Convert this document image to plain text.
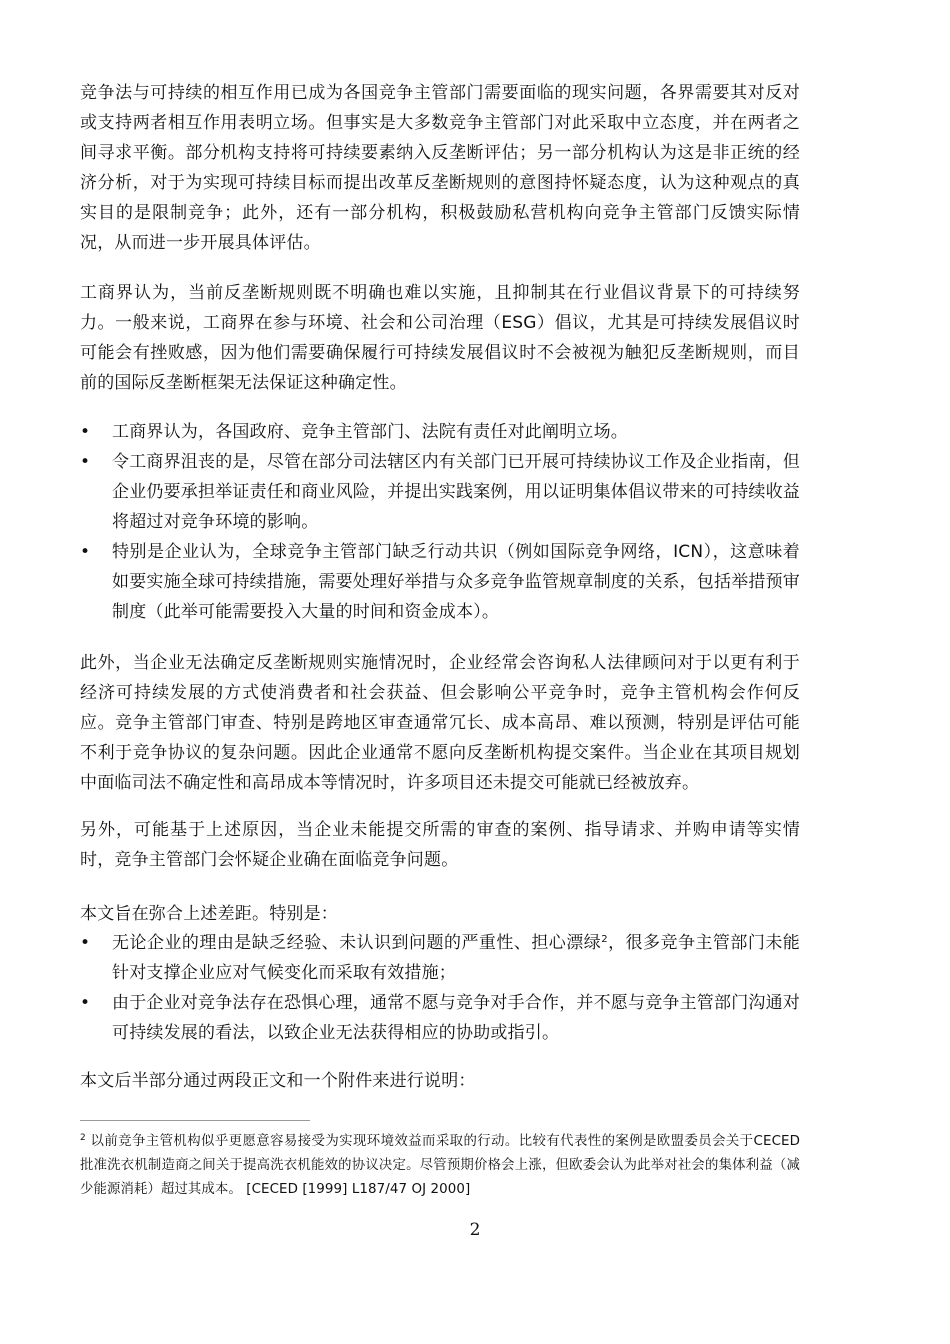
竞争法与可持续的相互作用已成为各国竞争主管部门需要面临的现实问题，各界需要其对反对或支持两者相互作用表明立场。但事实是大多数竞争主管部门对此采取中立态度，并在两者之间寻求平衡。部分机构支持将可持续要素纳入反垄断评估；另一部分机构认为这是非正统的经济分析，对于为实现可持续目标而提出改革反垄断规则的意图持怀疑态度，认为这种观点的真实目的是限制竞争；此外，还有一部分机构，积极鼓励私营机构向竞争主管部门反馈实际情况，从而进一步开展具体评估。

工商界认为，当前反垄断规则既不明确也难以实施，且抑制其在行业倡议背景下的可持续努力。一般来说，工商界在参与环境、社会和公司治理（ESG）倡议，尤其是可持续发展倡议时可能会有挫败感，因为他们需要确保履行可持续发展倡议时不会被视为触犯反垄断规则，而目前的国际反垄断框架无法保证这种确定性。

•	工商界认为，各国政府、竞争主管部门、法院有责任对此阐明立场。
•	令工商界沮丧的是，尽管在部分司法辖区内有关部门已开展可持续协议工作及企业指南，但企业仍要承担举证责任和商业风险，并提出实践案例，用以证明集体倡议带来的可持续收益将超过对竞争环境的影响。
•	特别是企业认为，全球竞争主管部门缺乏行动共识（例如国际竞争网络，ICN），这意味着如要实施全球可持续措施，需要处理好举措与众多竞争监管规章制度的关系，包括举措预审制度（此举可能需要投入大量的时间和资金成本）。

此外，当企业无法确定反垄断规则实施情况时，企业经常会咨询私人法律顾问对于以更有利于经济可持续发展的方式使消费者和社会获益、但会影响公平竞争时，竞争主管机构会作何反应。竞争主管部门审查、特别是跨地区审查通常冗长、成本高昂、难以预测，特别是评估可能不利于竞争协议的复杂问题。因此企业通常不愿向反垄断机构提交案件。当企业在其项目规划中面临司法不确定性和高昂成本等情况时，许多项目还未提交可能就已经被放弃。

另外，可能基于上述原因，当企业未能提交所需的审查的案例、指导请求、并购申请等实情时，竞争主管部门会怀疑企业确在面临竞争问题。

本文旨在弥合上述差距。特别是：

•	无论企业的理由是缺乏经验、未认识到问题的严重性、担心漂绿$^2$，很多竞争主管部门未能针对支撑企业应对气候变化而采取有效措施；
•	由于企业对竞争法存在恐惧心理，通常不愿与竞争对手合作，并不愿与竞争主管部门沟通对可持续发展的看法，以致企业无法获得相应的协助或指引。

本文后半部分通过两段正文和一个附件来进行说明：

$^2$ 以前竞争主管机构似乎更愿意容易接受为实现环境效益而采取的行动。比较有代表性的案例是欧盟委员会关于CECED 批准洗衣机制造商之间关于提高洗衣机能效的协议决定。尽管预期价格会上涨，但欧委会认为此举对社会的集体利益（减少能源消耗）超过其成本。 [CECED [1999] L187/47 OJ 2000]

2
